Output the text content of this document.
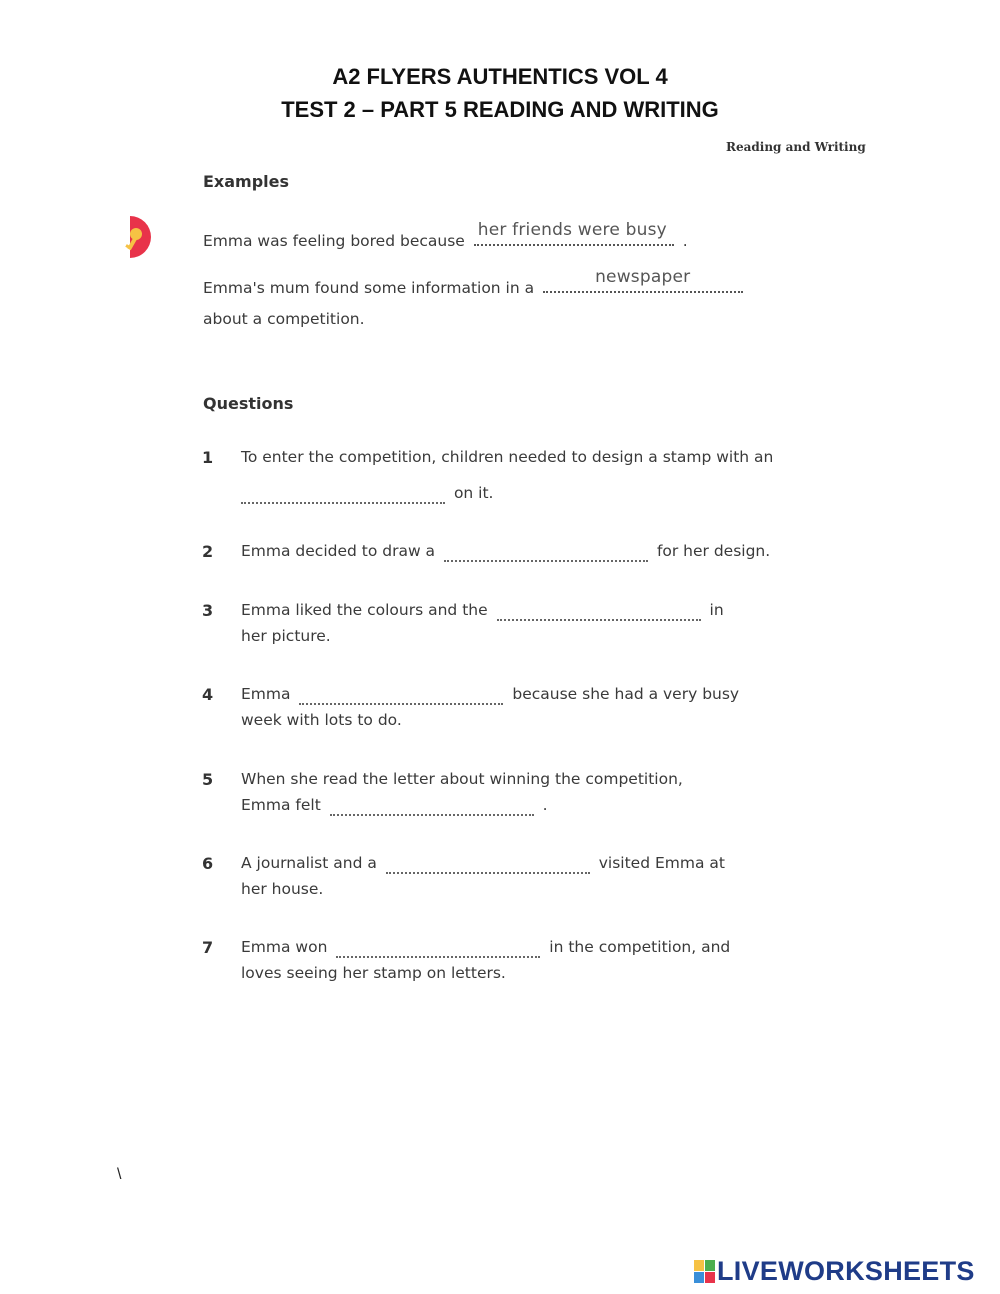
A2 FLYERS AUTHENTICS VOL 4
TEST 2 – PART 5 READING AND WRITING
Reading and Writing
Examples
Emma was feeling bored because
her friends were busy
.
Emma's mum found some information in a
newspaper
about a competition.
Questions
1 To enter the competition, children needed to design a stamp with an
on it.
2 Emma decided to draw a	for her design.
3 Emma liked the colours and the	in
her picture.
4 Emma	because she had a very busy
week with lots to do.
5 When she read the letter about winning the competition,
Emma felt	.
6 A journalist and a	visited Emma at
her house.
7 Emma won	in the competition, and
loves seeing her stamp on letters.
\
LIVEWORKSHEETS
